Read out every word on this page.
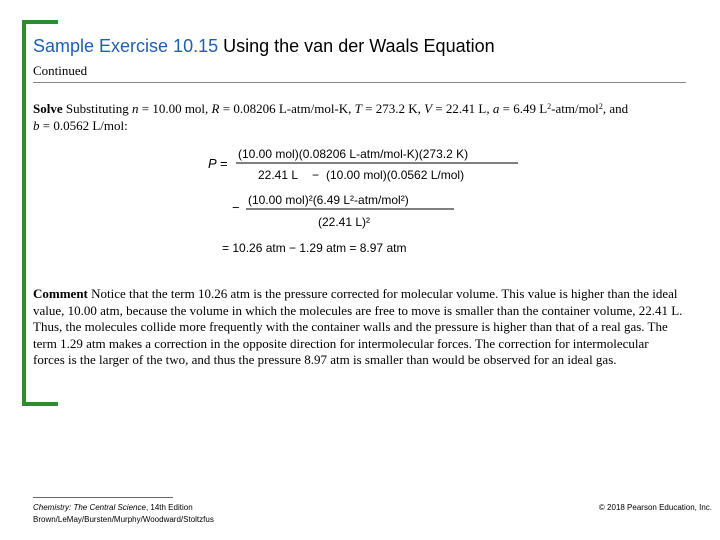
Sample Exercise 10.15 Using the van der Waals Equation
Continued
Solve Substituting n = 10.00 mol, R = 0.08206 L-atm/mol-K, T = 273.2 K, V = 22.41 L, a = 6.49 $L^2-atm/mol^2$, and
b = 0.0562 L/mol:
P =
(10.00 mol)(0.08206 L-atm/mol-K)(273.2 K)
22.41 L − (10.00 mol)(0.0562 L/mol)
− (10.00 mol)²(6.49 L²-atm/mol²)
(22.41 L)²
= 10.26 atm − 1.29 atm = 8.97 atm
Comment Notice that the term 10.26 atm is the pressure corrected for molecular volume. This value is higher than the ideal value, 10.00 atm, because the volume in which the molecules are free to move is smaller than the container volume, 22.41 L. Thus, the molecules collide more frequently with the container walls and the pressure is higher than that of a real gas. The term 1.29 atm makes a correction in the opposite direction for intermolecular forces. The correction for intermolecular forces is the larger of the two, and thus the pressure 8.97 atm is smaller than would be observed for an ideal gas.
Chemistry: The Central Science, 14th Edition
Brown/LeMay/Bursten/Murphy/Woodward/Stoltzfus
© 2018 Pearson Education, Inc.
